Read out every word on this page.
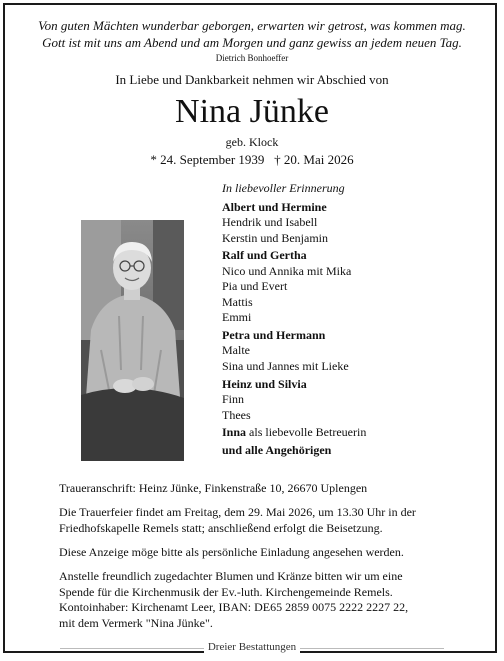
Von guten Mächten wunderbar geborgen, erwarten wir getrost, was kommen mag.
Gott ist mit uns am Abend und am Morgen und ganz gewiss an jedem neuen Tag.
Dietrich Bonhoeffer
In Liebe und Dankbarkeit nehmen wir Abschied von
Nina Jünke
geb. Klock
* 24. September 1939   † 20. Mai 2026
In liebevoller Erinnerung
Albert und Hermine
Hendrik und Isabell
Kerstin und Benjamin
Ralf und Gertha
Nico und Annika mit Mika
Pia und Evert
Mattis
Emmi
Petra und Hermann
Malte
Sina und Jannes mit Lieke
Heinz und Silvia
Finn
Thees
Inna als liebevolle Betreuerin
und alle Angehörigen
Traueranschrift: Heinz Jünke, Finkenstraße 10, 26670 Uplengen
Die Trauerfeier findet am Freitag, dem 29. Mai 2026, um 13.30 Uhr in der Friedhofskapelle Remels statt; anschließend erfolgt die Beisetzung.
Diese Anzeige möge bitte als persönliche Einladung angesehen werden.
Anstelle freundlich zugedachter Blumen und Kränze bitten wir um eine
Spende für die Kirchenmusik der Ev.-luth. Kirchengemeinde Remels.
Kontoinhaber: Kirchenamt Leer, IBAN: DE65 2859 0075 2222 2227 22,
mit dem Vermerk "Nina Jünke".
Dreier Bestattungen
